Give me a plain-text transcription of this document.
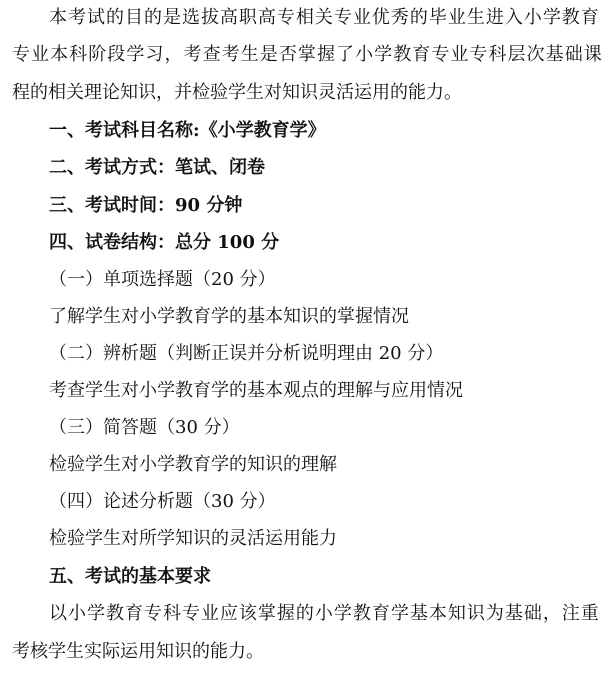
本考试的目的是选拔高职高专相关专业优秀的毕业生进入小学教育
专业本科阶段学习，考查考生是否掌握了小学教育专业专科层次基础课
程的相关理论知识，并检验学生对知识灵活运用的能力。
一、考试科目名称:《小学教育学》
二、考试方式：笔试、闭卷
三、考试时间：90 分钟
四、试卷结构：总分 100 分
（一）单项选择题（20 分）
了解学生对小学教育学的基本知识的掌握情况
（二）辨析题（判断正误并分析说明理由 20 分）
考查学生对小学教育学的基本观点的理解与应用情况
（三）简答题（30 分）
检验学生对小学教育学的知识的理解
（四）论述分析题（30 分）
检验学生对所学知识的灵活运用能力
五、考试的基本要求
以小学教育专科专业应该掌握的小学教育学基本知识为基础，注重
考核学生实际运用知识的能力。
